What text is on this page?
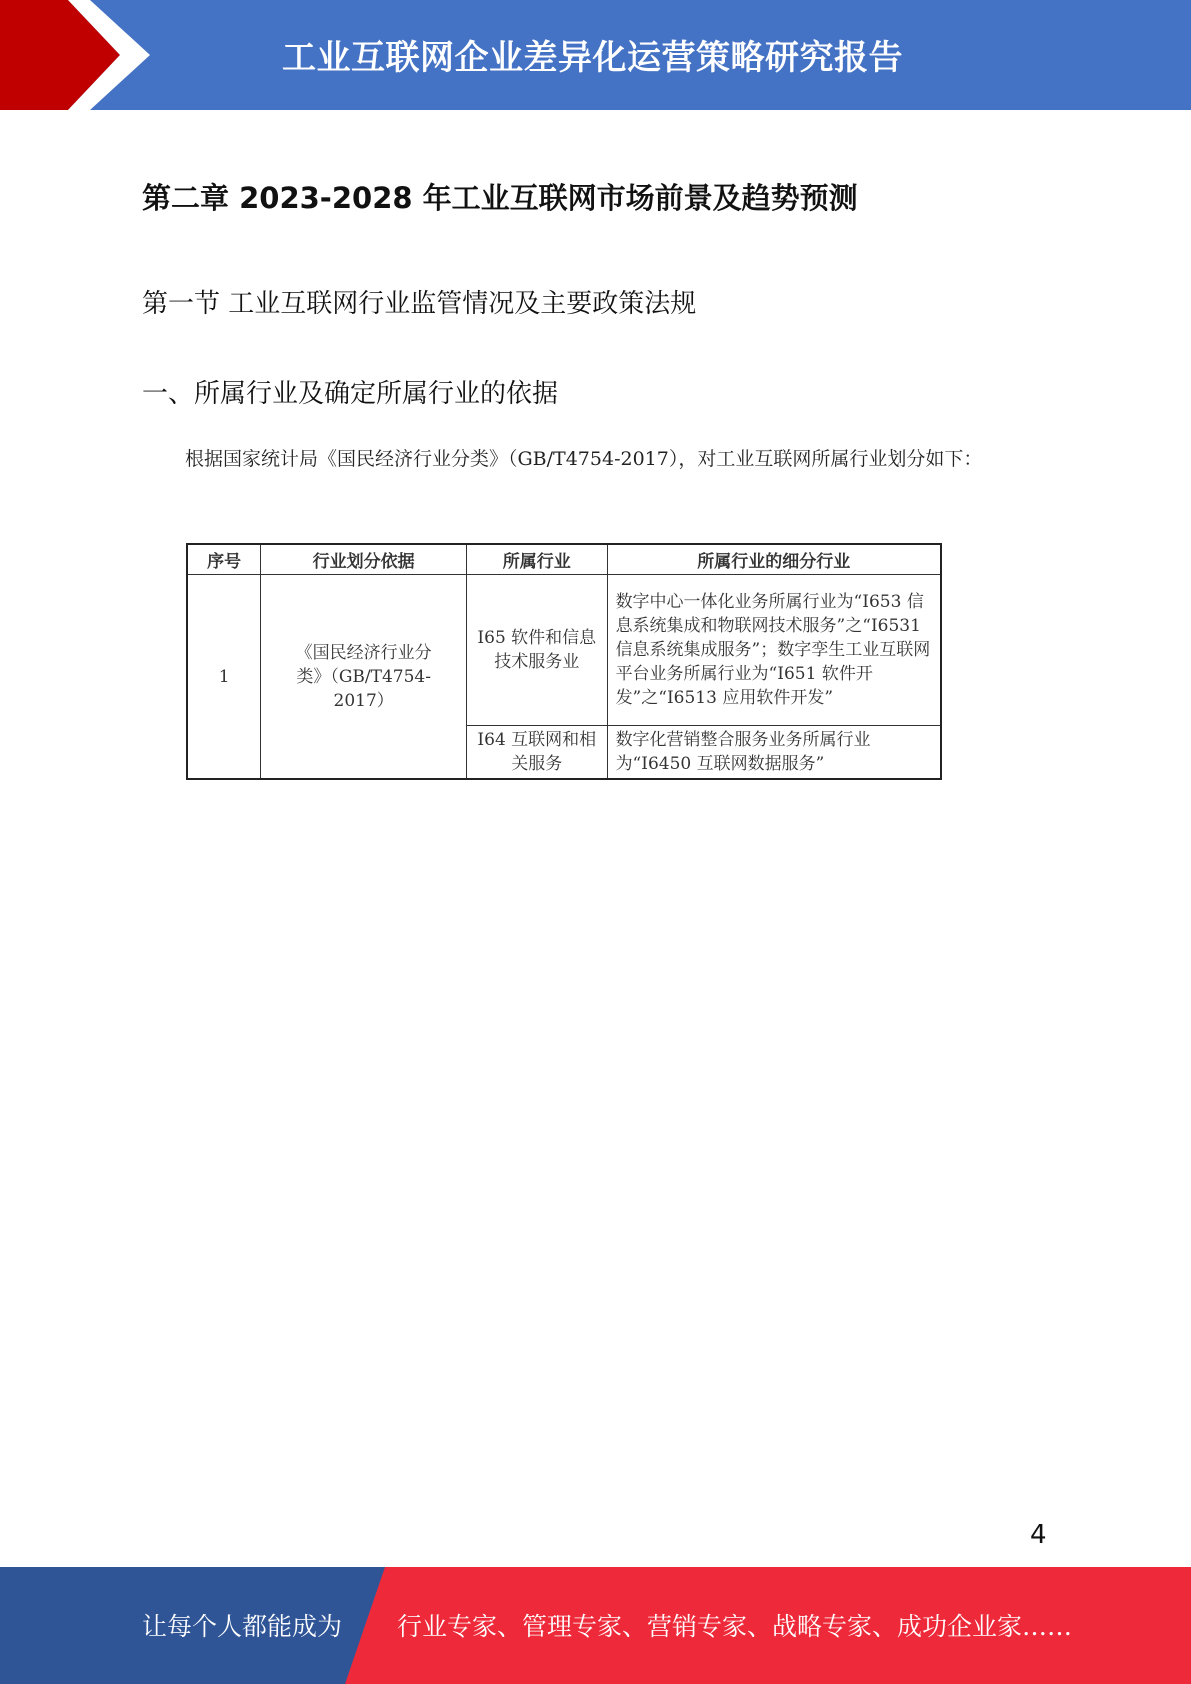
工业互联网企业差异化运营策略研究报告
第二章 2023-2028 年工业互联网市场前景及趋势预测
第一节 工业互联网行业监管情况及主要政策法规
一、所属行业及确定所属行业的依据
根据国家统计局《国民经济行业分类》（GB/T4754-2017），对工业互联网所属行业划分如下：
序号	行业划分依据	所属行业	所属行业的细分行业
1	《国民经济行业分类》（GB/T4754-2017）	I65 软件和信息技术服务业	数字中心一体化业务所属行业为“I653 信息系统集成和物联网技术服务”之“I6531 信息系统集成服务”；数字孪生工业互联网平台业务所属行业为“I651 软件开发”之“I6513 应用软件开发”
		I64 互联网和相关服务	数字化营销整合服务业务所属行业为“I6450 互联网数据服务”
4
让每个人都能成为 行业专家、管理专家、营销专家、战略专家、成功企业家……
